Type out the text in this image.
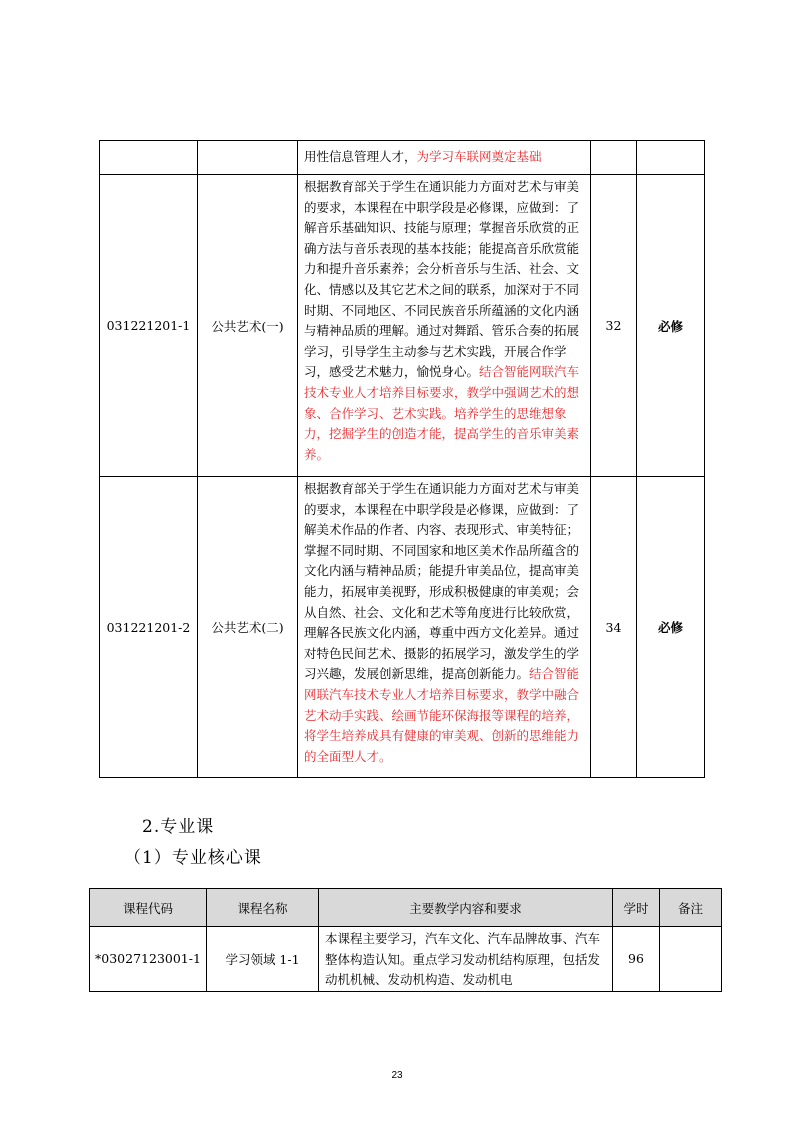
		用性信息管理人才，为学习车联网奠定基础		
031221201-1	公共艺术(一)	根据教育部关于学生在通识能力方面对艺术与审美的要求，本课程在中职学段是必修课，应做到：了解音乐基础知识、技能与原理；掌握音乐欣赏的正确方法与音乐表现的基本技能；能提高音乐欣赏能力和提升音乐素养；会分析音乐与生活、社会、文化、情感以及其它艺术之间的联系，加深对于不同时期、不同地区、不同民族音乐所蕴涵的文化内涵与精神品质的理解。通过对舞蹈、管乐合奏的拓展学习，引导学生主动参与艺术实践，开展合作学习，感受艺术魅力，愉悦身心。结合智能网联汽车技术专业人才培养目标要求，教学中强调艺术的想象、合作学习、艺术实践。培养学生的思维想象力，挖掘学生的创造才能，提高学生的音乐审美素养。	32	必修
031221201-2	公共艺术(二)	根据教育部关于学生在通识能力方面对艺术与审美的要求，本课程在中职学段是必修课，应做到：了解美术作品的作者、内容、表现形式、审美特征；掌握不同时期、不同国家和地区美术作品所蕴含的文化内涵与精神品质；能提升审美品位，提高审美能力，拓展审美视野，形成积极健康的审美观；会从自然、社会、文化和艺术等角度进行比较欣赏，理解各民族文化内涵，尊重中西方文化差异。通过对特色民间艺术、摄影的拓展学习，激发学生的学习兴趣，发展创新思维，提高创新能力。结合智能网联汽车技术专业人才培养目标要求，教学中融合艺术动手实践、绘画节能环保海报等课程的培养，将学生培养成具有健康的审美观、创新的思维能力的全面型人才。	34	必修
2.专业课
（1）专业核心课
课程代码	课程名称	主要教学内容和要求	学时	备注
*03027123001-1	学习领域 1-1	本课程主要学习，汽车文化、汽车品牌故事、汽车整体构造认知。重点学习发动机结构原理，包括发动机机械、发动机构造、发动机电	96	
23
